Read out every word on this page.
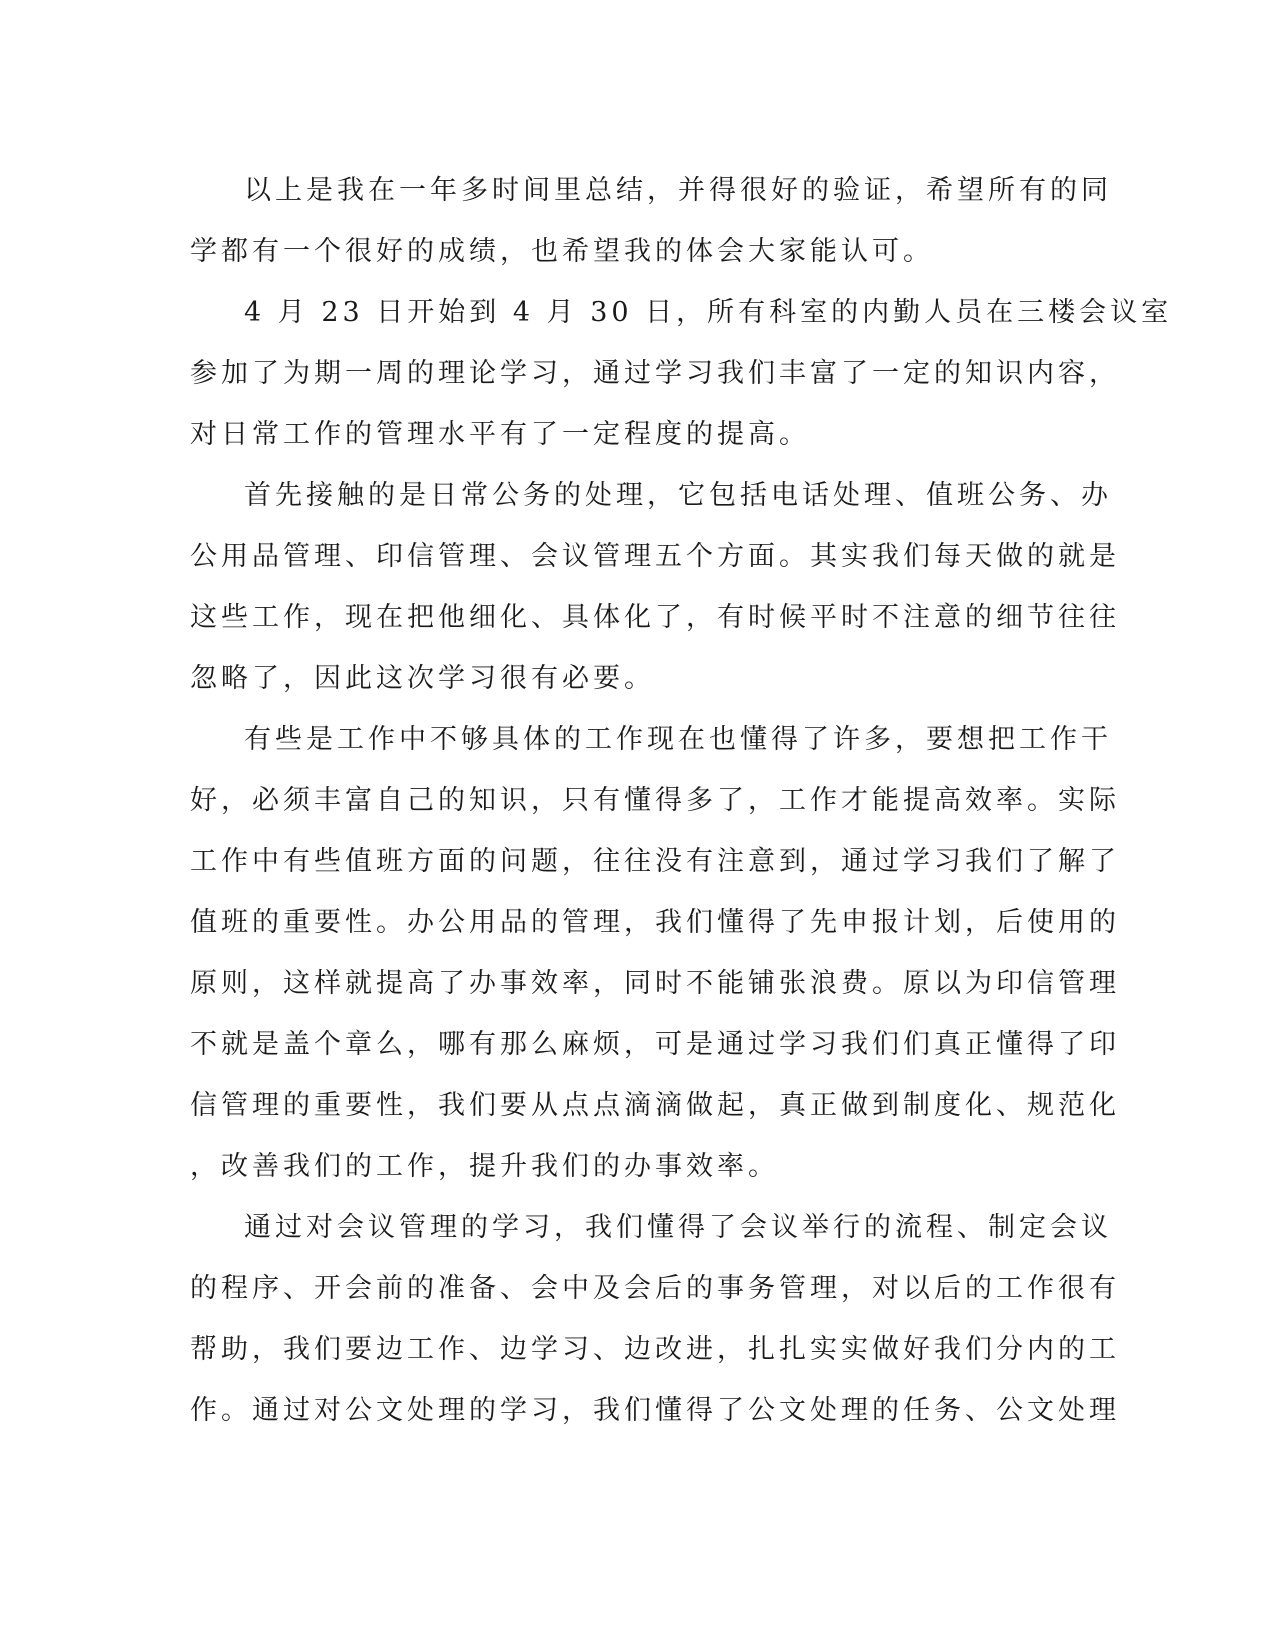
以上是我在一年多时间里总结，并得很好的验证，希望所有的同
学都有一个很好的成绩，也希望我的体会大家能认可。

4 月 23 日开始到 4 月 30 日，所有科室的内勤人员在三楼会议室
参加了为期一周的理论学习，通过学习我们丰富了一定的知识内容，
对日常工作的管理水平有了一定程度的提高。

首先接触的是日常公务的处理，它包括电话处理、值班公务、办
公用品管理、印信管理、会议管理五个方面。其实我们每天做的就是
这些工作，现在把他细化、具体化了，有时候平时不注意的细节往往
忽略了，因此这次学习很有必要。

有些是工作中不够具体的工作现在也懂得了许多，要想把工作干
好，必须丰富自己的知识，只有懂得多了，工作才能提高效率。实际
工作中有些值班方面的问题，往往没有注意到，通过学习我们了解了
值班的重要性。办公用品的管理，我们懂得了先申报计划，后使用的
原则，这样就提高了办事效率，同时不能铺张浪费。原以为印信管理
不就是盖个章么，哪有那么麻烦，可是通过学习我们们真正懂得了印
信管理的重要性，我们要从点点滴滴做起，真正做到制度化、规范化
，改善我们的工作，提升我们的办事效率。

通过对会议管理的学习，我们懂得了会议举行的流程、制定会议
的程序、开会前的准备、会中及会后的事务管理，对以后的工作很有
帮助，我们要边工作、边学习、边改进，扎扎实实做好我们分内的工
作。通过对公文处理的学习，我们懂得了公文处理的任务、公文处理
